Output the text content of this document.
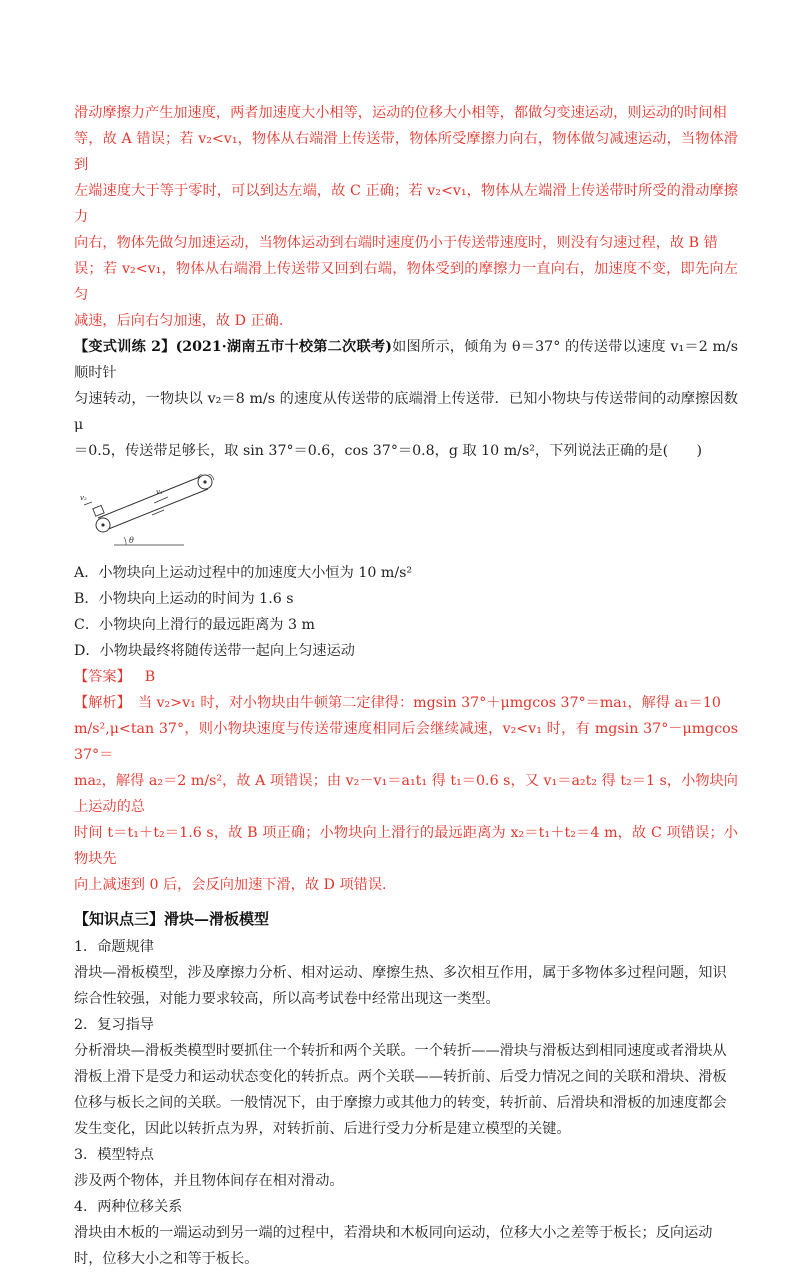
滑动摩擦力产生加速度，两者加速度大小相等，运动的位移大小相等，都做匀变速运动，则运动的时间相

等，故 A 错误；若 v₂<v₁，物体从右端滑上传送带，物体所受摩擦力向右，物体做匀减速运动，当物体滑到

左端速度大于等于零时，可以到达左端，故 C 正确；若 v₂<v₁，物体从左端滑上传送带时所受的滑动摩擦力

向右，物体先做匀加速运动，当物体运动到右端时速度仍小于传送带速度时，则没有匀速过程，故 B 错

误；若 v₂<v₁，物体从右端滑上传送带又回到右端，物体受到的摩擦力一直向右，加速度不变，即先向左匀

减速，后向右匀加速，故 D 正确.

【变式训练 2】(2021·湖南五市十校第二次联考)如图所示，倾角为 θ＝37° 的传送带以速度 v₁＝2 m/s 顺时针

匀速转动，一物块以 v₂＝8 m/s 的速度从传送带的底端滑上传送带．已知小物块与传送带间的动摩擦因数 μ

＝0.5，传送带足够长，取 sin 37°＝0.6，cos 37°＝0.8，g 取 10 m/s²，下列说法正确的是(　　)

θ
v₂
v₁

A．小物块向上运动过程中的加速度大小恒为 10 m/s²

B．小物块向上运动的时间为 1.6 s

C．小物块向上滑行的最远距离为 3 m

D．小物块最终将随传送带一起向上匀速运动

【答案】 B

【解析】　当 v₂>v₁ 时，对小物块由牛顿第二定律得：mgsin 37°＋μmgcos 37°＝ma₁，解得 a₁＝10

m/s²,μ<tan 37°，则小物块速度与传送带速度相同后会继续减速，v₂<v₁ 时，有 mgsin 37°－μmgcos 37°＝

ma₂，解得 a₂＝2 m/s²，故 A 项错误；由 v₂－v₁＝a₁t₁ 得 t₁＝0.6 s，又 v₁＝a₂t₂ 得 t₂＝1 s，小物块向上运动的总

时间 t＝t₁＋t₂＝1.6 s，故 B 项正确；小物块向上滑行的最远距离为 x₂＝t₁＋t₂＝4 m，故 C 项错误；小物块先

向上减速到 0 后，会反向加速下滑，故 D 项错误.

【知识点三】滑块—滑板模型

1．命题规律

滑块—滑板模型，涉及摩擦力分析、相对运动、摩擦生热、多次相互作用，属于多物体多过程问题，知识

综合性较强，对能力要求较高，所以高考试卷中经常出现这一类型。

2．复习指导

分析滑块—滑板类模型时要抓住一个转折和两个关联。一个转折——滑块与滑板达到相同速度或者滑块从

滑板上滑下是受力和运动状态变化的转折点。两个关联——转折前、后受力情况之间的关联和滑块、滑板

位移与板长之间的关联。一般情况下，由于摩擦力或其他力的转变，转折前、后滑块和滑板的加速度都会

发生变化，因此以转折点为界，对转折前、后进行受力分析是建立模型的关键。

3．模型特点

涉及两个物体，并且物体间存在相对滑动。

4．两种位移关系

滑块由木板的一端运动到另一端的过程中，若滑块和木板同向运动，位移大小之差等于板长；反向运动

时，位移大小之和等于板长。
